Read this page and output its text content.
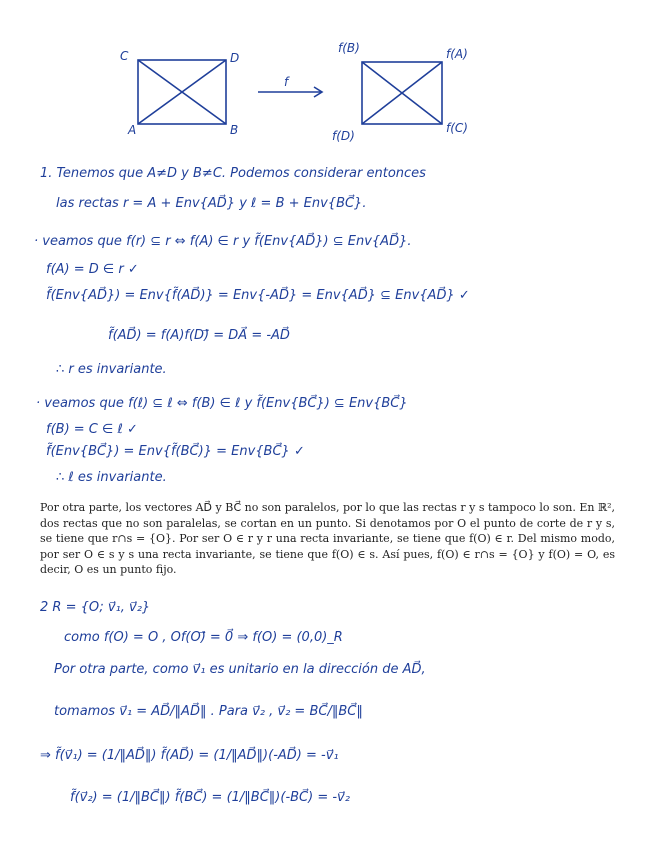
C	D
A	B
f
f(B)	f(A)
f(D)
f(C)
1. Tenemos que A≠D y B≠C. Podemos considerar entonces
las rectas r = A + Env{AD⃗} y ℓ = B + Env{BC⃗}.
· veamos que f(r) ⊆ r ⇔ f(A) ∈ r y f̃(Env{AD⃗}) ⊆ Env{AD⃗}.
f(A) = D ∈ r ✓
f̃(Env{AD⃗}) = Env{f̃(AD⃗)} = Env{-AD⃗} = Env{AD⃗} ⊆ Env{AD⃗} ✓
f̃(AD⃗) = f(A)f(D)⃗ = DA⃗ = -AD⃗
∴ r es invariante.
· veamos que f(ℓ) ⊆ ℓ ⇔ f(B) ∈ ℓ y f̃(Env{BC⃗}) ⊆ Env{BC⃗}
f(B) = C ∈ ℓ ✓
f̃(Env{BC⃗}) = Env{f̃(BC⃗)} = Env{BC⃗} ✓
∴ ℓ es invariante.

Por otra parte, los vectores AD⃗ y BC⃗ no son paralelos, por lo que las rectas r y s tampoco lo son. En ℝ², dos rectas que no son paralelas, se cortan en un punto. Si denotamos por O el punto de corte de r y s, se tiene que r∩s = {O}. Por ser O ∈ r y r una recta invariante, se tiene que f(O) ∈ r. Del mismo modo, por ser O ∈ s y s una recta invariante, se tiene que f(O) ∈ s. Así pues, f(O) ∈ r∩s = {O} y f(O) = O, es decir, O es un punto fijo.

2 R = {O; v⃗₁, v⃗₂}
como f(O) = O , Of(O)⃗ = 0⃗ ⇒ f(O) = (0,0)_R
Por otra parte, como v⃗₁ es unitario en la dirección de AD⃗,
tomamos v⃗₁ = AD⃗/‖AD⃗‖ . Para v⃗₂ , v⃗₂ = BC⃗/‖BC⃗‖
⇒ f̃(v⃗₁) = (1/‖AD⃗‖) f̃(AD⃗) = (1/‖AD⃗‖)(-AD⃗) = -v⃗₁
f̃(v⃗₂) = (1/‖BC⃗‖) f̃(BC⃗) = (1/‖BC⃗‖)(-BC⃗) = -v⃗₂
